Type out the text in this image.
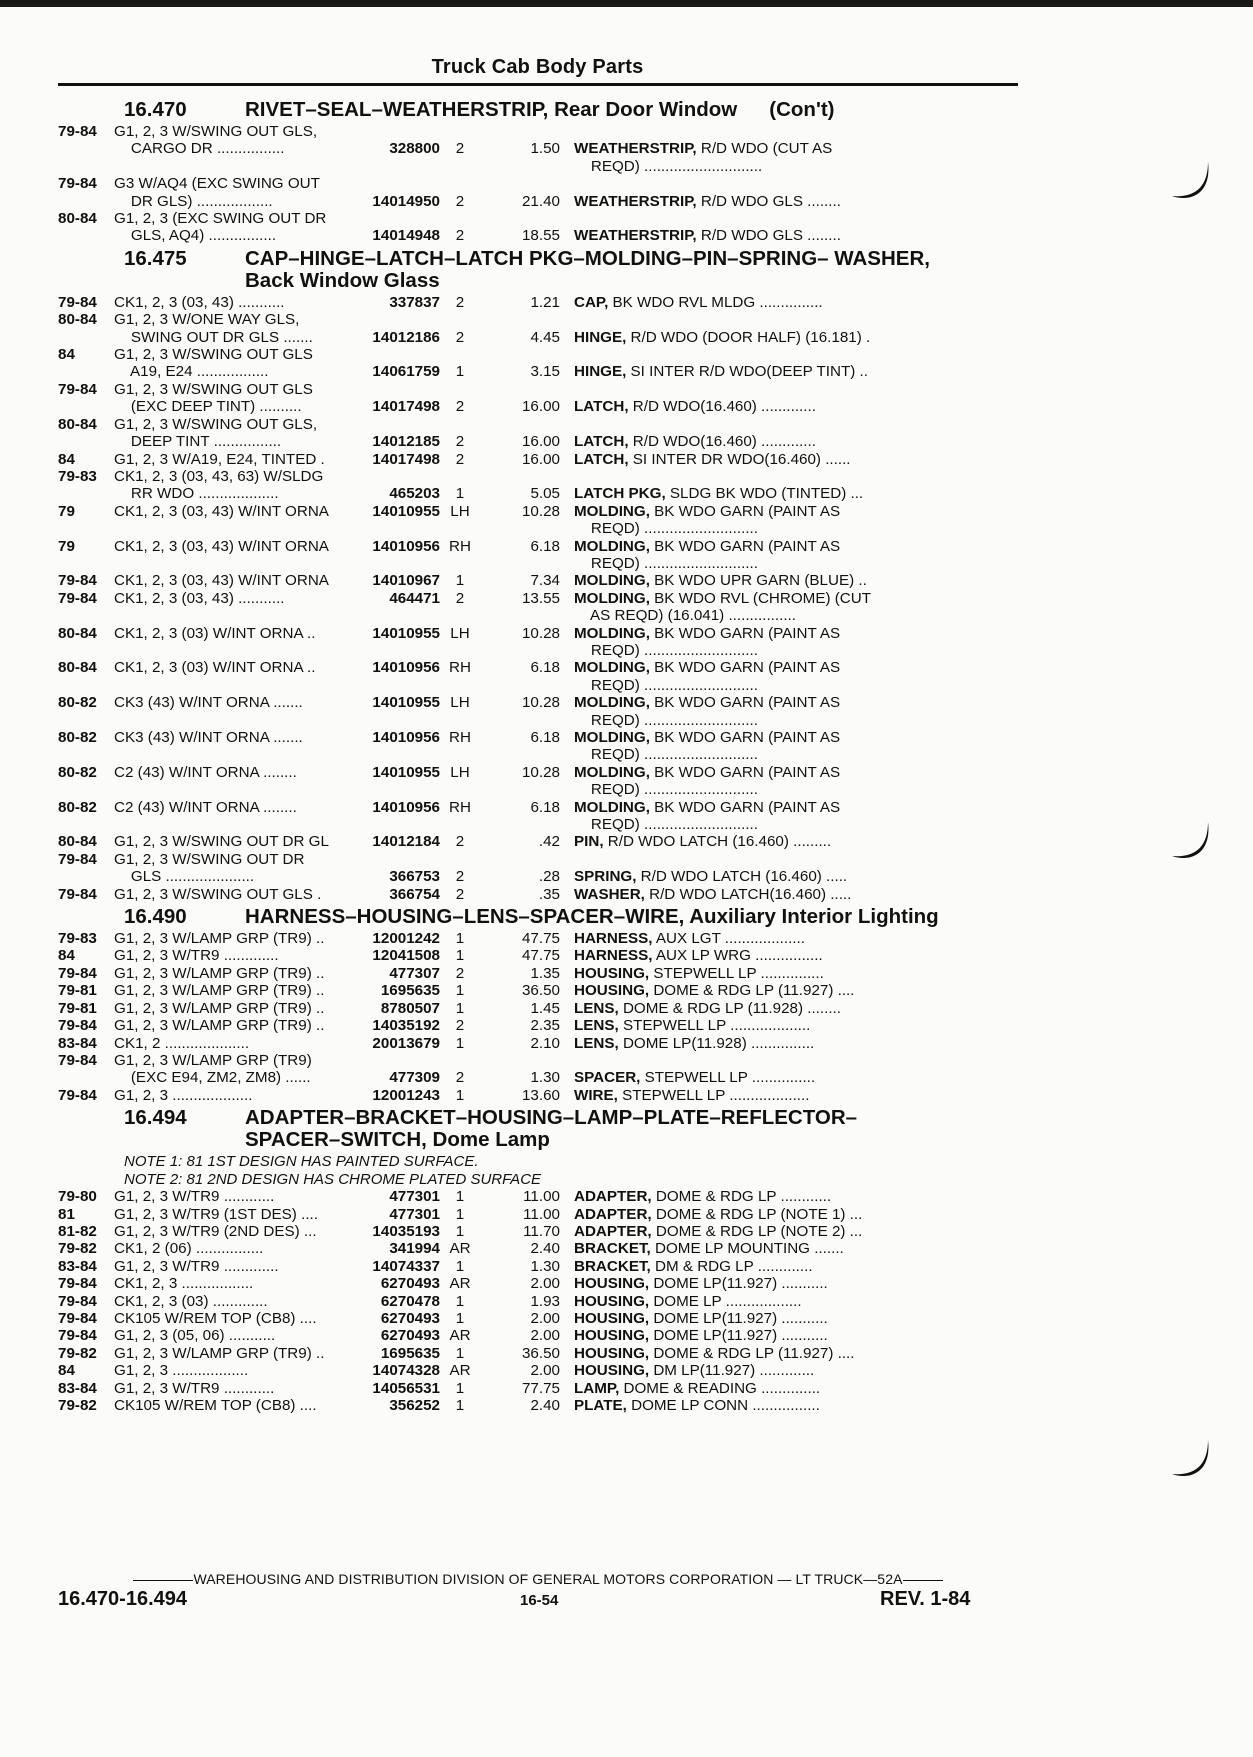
Truck Cab Body Parts
16.470	RIVET–SEAL–WEATHERSTRIP, Rear Door Window (Con't)
79-84	G1, 2, 3 W/SWING OUT GLS,
CARGO DR ................	328800	2	1.50 WEATHERSTRIP, R/D WDO (CUT AS
REQD) ............................
79-84	G3 W/AQ4 (EXC SWING OUT
DR GLS) ..................	14014950	2	21.40 WEATHERSTRIP, R/D WDO GLS ........
80-84	G1, 2, 3 (EXC SWING OUT DR
GLS, AQ4) ................	14014948	2	18.55 WEATHERSTRIP, R/D WDO GLS ........
16.475	CAP–HINGE–LATCH–LATCH PKG–MOLDING–PIN–SPRING– WASHER,
Back Window Glass
79-84	CK1, 2, 3 (03, 43) ...........	337837	2	1.21 CAP, BK WDO RVL MLDG ...............
80-84	G1, 2, 3 W/ONE WAY GLS,
SWING OUT DR GLS .......	14012186	2	4.45 HINGE, R/D WDO (DOOR HALF) (16.181) .
84	G1, 2, 3 W/SWING OUT GLS
A19, E24 .................	14061759	1	3.15 HINGE, SI INTER R/D WDO(DEEP TINT) ..
79-84	G1, 2, 3 W/SWING OUT GLS
(EXC DEEP TINT) ..........	14017498	2	16.00 LATCH, R/D WDO(16.460) .............
80-84	G1, 2, 3 W/SWING OUT GLS,
DEEP TINT ................	14012185	2	16.00 LATCH, R/D WDO(16.460) .............
84	G1, 2, 3 W/A19, E24, TINTED .	14017498	2	16.00 LATCH, SI INTER DR WDO(16.460) ......
79-83	CK1, 2, 3 (03, 43, 63) W/SLDG
RR WDO ...................	465203	1	5.05 LATCH PKG, SLDG BK WDO (TINTED) ...
79	CK1, 2, 3 (03, 43) W/INT ORNA	14010955 LH	10.28 MOLDING, BK WDO GARN (PAINT AS
REQD) ...........................
79	CK1, 2, 3 (03, 43) W/INT ORNA	14010956 RH	6.18 MOLDING, BK WDO GARN (PAINT AS
REQD) ...........................
79-84	CK1, 2, 3 (03, 43) W/INT ORNA	14010967	1	7.34 MOLDING, BK WDO UPR GARN (BLUE) ..
79-84	CK1, 2, 3 (03, 43) ...........	464471	2	13.55 MOLDING, BK WDO RVL (CHROME) (CUT
AS REQD) (16.041) ................
80-84	CK1, 2, 3 (03) W/INT ORNA ..	14010955 LH	10.28 MOLDING, BK WDO GARN (PAINT AS
REQD) ...........................
80-84	CK1, 2, 3 (03) W/INT ORNA ..	14010956 RH	6.18 MOLDING, BK WDO GARN (PAINT AS
REQD) ...........................
80-82	CK3 (43) W/INT ORNA .......	14010955 LH	10.28 MOLDING, BK WDO GARN (PAINT AS
REQD) ...........................
80-82	CK3 (43) W/INT ORNA .......	14010956 RH	6.18 MOLDING, BK WDO GARN (PAINT AS
REQD) ...........................
80-82	C2 (43) W/INT ORNA ........	14010955 LH	10.28 MOLDING, BK WDO GARN (PAINT AS
REQD) ...........................
80-82	C2 (43) W/INT ORNA ........	14010956 RH	6.18 MOLDING, BK WDO GARN (PAINT AS
REQD) ...........................
80-84	G1, 2, 3 W/SWING OUT DR GL	14012184	2	.42 PIN, R/D WDO LATCH (16.460) .........
79-84	G1, 2, 3 W/SWING OUT DR
GLS .....................	366753	2	.28 SPRING, R/D WDO LATCH (16.460) .....
79-84	G1, 2, 3 W/SWING OUT GLS .	366754	2	.35 WASHER, R/D WDO LATCH(16.460) .....
16.490	HARNESS–HOUSING–LENS–SPACER–WIRE, Auxiliary Interior Lighting
79-83	G1, 2, 3 W/LAMP GRP (TR9) ..	12001242	1	47.75 HARNESS, AUX LGT ...................
84	G1, 2, 3 W/TR9 .............	12041508	1	47.75 HARNESS, AUX LP WRG ................
79-84	G1, 2, 3 W/LAMP GRP (TR9) ..	477307	2	1.35 HOUSING, STEPWELL LP ...............
79-81	G1, 2, 3 W/LAMP GRP (TR9) ..	1695635	1	36.50 HOUSING, DOME & RDG LP (11.927) ....
79-81	G1, 2, 3 W/LAMP GRP (TR9) ..	8780507	1	1.45 LENS, DOME & RDG LP (11.928) ........
79-84	G1, 2, 3 W/LAMP GRP (TR9) ..	14035192	2	2.35 LENS, STEPWELL LP ...................
83-84	CK1, 2 ....................	20013679	1	2.10 LENS, DOME LP(11.928) ...............
79-84	G1, 2, 3 W/LAMP GRP (TR9)
(EXC E94, ZM2, ZM8) ......	477309	2	1.30 SPACER, STEPWELL LP ...............
79-84	G1, 2, 3 ...................	12001243	1	13.60 WIRE, STEPWELL LP ...................
16.494	ADAPTER–BRACKET–HOUSING–LAMP–PLATE–REFLECTOR–
SPACER–SWITCH, Dome Lamp
NOTE 1: 81 1ST DESIGN HAS PAINTED SURFACE.
NOTE 2: 81 2ND DESIGN HAS CHROME PLATED SURFACE
79-80	G1, 2, 3 W/TR9 ............	477301	1	11.00 ADAPTER, DOME & RDG LP ............
81	G1, 2, 3 W/TR9 (1ST DES) ....	477301	1	11.00 ADAPTER, DOME & RDG LP (NOTE 1) ...
81-82	G1, 2, 3 W/TR9 (2ND DES) ...	14035193	1	11.70 ADAPTER, DOME & RDG LP (NOTE 2) ...
79-82	CK1, 2 (06) ................	341994 AR	2.40 BRACKET, DOME LP MOUNTING .......
83-84	G1, 2, 3 W/TR9 .............	14074337	1	1.30 BRACKET, DM & RDG LP .............
79-84	CK1, 2, 3 .................	6270493 AR	2.00 HOUSING, DOME LP(11.927) ...........
79-84	CK1, 2, 3 (03) .............	6270478	1	1.93 HOUSING, DOME LP ..................
79-84	CK105 W/REM TOP (CB8) ....	6270493	1	2.00 HOUSING, DOME LP(11.927) ...........
79-84	G1, 2, 3 (05, 06) ...........	6270493 AR	2.00 HOUSING, DOME LP(11.927) ...........
79-82	G1, 2, 3 W/LAMP GRP (TR9) ..	1695635	1	36.50 HOUSING, DOME & RDG LP (11.927) ....
84	G1, 2, 3 ..................	14074328 AR	2.00 HOUSING, DM LP(11.927) .............
83-84	G1, 2, 3 W/TR9 ............	14056531	1	77.75 LAMP, DOME & READING ..............
79-82	CK105 W/REM TOP (CB8) ....	356252	1	2.40 PLATE, DOME LP CONN ................
WAREHOUSING AND DISTRIBUTION DIVISION OF GENERAL MOTORS CORPORATION — LT TRUCK—52A
16.470-16.494	16-54	REV. 1-84
